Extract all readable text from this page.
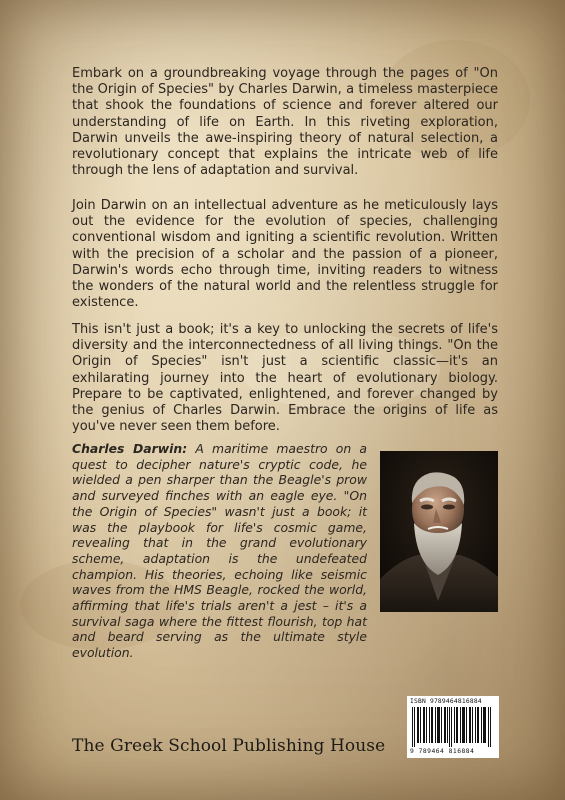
Embark on a groundbreaking voyage through the pages of "On the Origin of Species" by Charles Darwin, a timeless masterpiece that shook the foundations of science and forever altered our understanding of life on Earth. In this riveting exploration, Darwin unveils the awe-inspiring theory of natural selection, a revolutionary concept that explains the intricate web of life through the lens of adaptation and survival.

Join Darwin on an intellectual adventure as he meticulously lays out the evidence for the evolution of species, challenging conventional wisdom and igniting a scientific revolution. Written with the precision of a scholar and the passion of a pioneer, Darwin's words echo through time, inviting readers to witness the wonders of the natural world and the relentless struggle for existence.

This isn't just a book; it's a key to unlocking the secrets of life's diversity and the interconnectedness of all living things. "On the Origin of Species" isn't just a scientific classic—it's an exhilarating journey into the heart of evolutionary biology. Prepare to be captivated, enlightened, and forever changed by the genius of Charles Darwin. Embrace the origins of life as you've never seen them before.

Charles Darwin: A maritime maestro on a quest to decipher nature's cryptic code, he wielded a pen sharper than the Beagle's prow and surveyed finches with an eagle eye. "On the Origin of Species" wasn't just a book; it was the playbook for life's cosmic game, revealing that in the grand evolutionary scheme, adaptation is the undefeated champion. His theories, echoing like seismic waves from the HMS Beagle, rocked the world, affirming that life's trials aren't a jest – it's a survival saga where the fittest flourish, top hat and beard serving as the ultimate style evolution.

ISBN 9789464816884
9 789464 816884
The Greek School Publishing House
